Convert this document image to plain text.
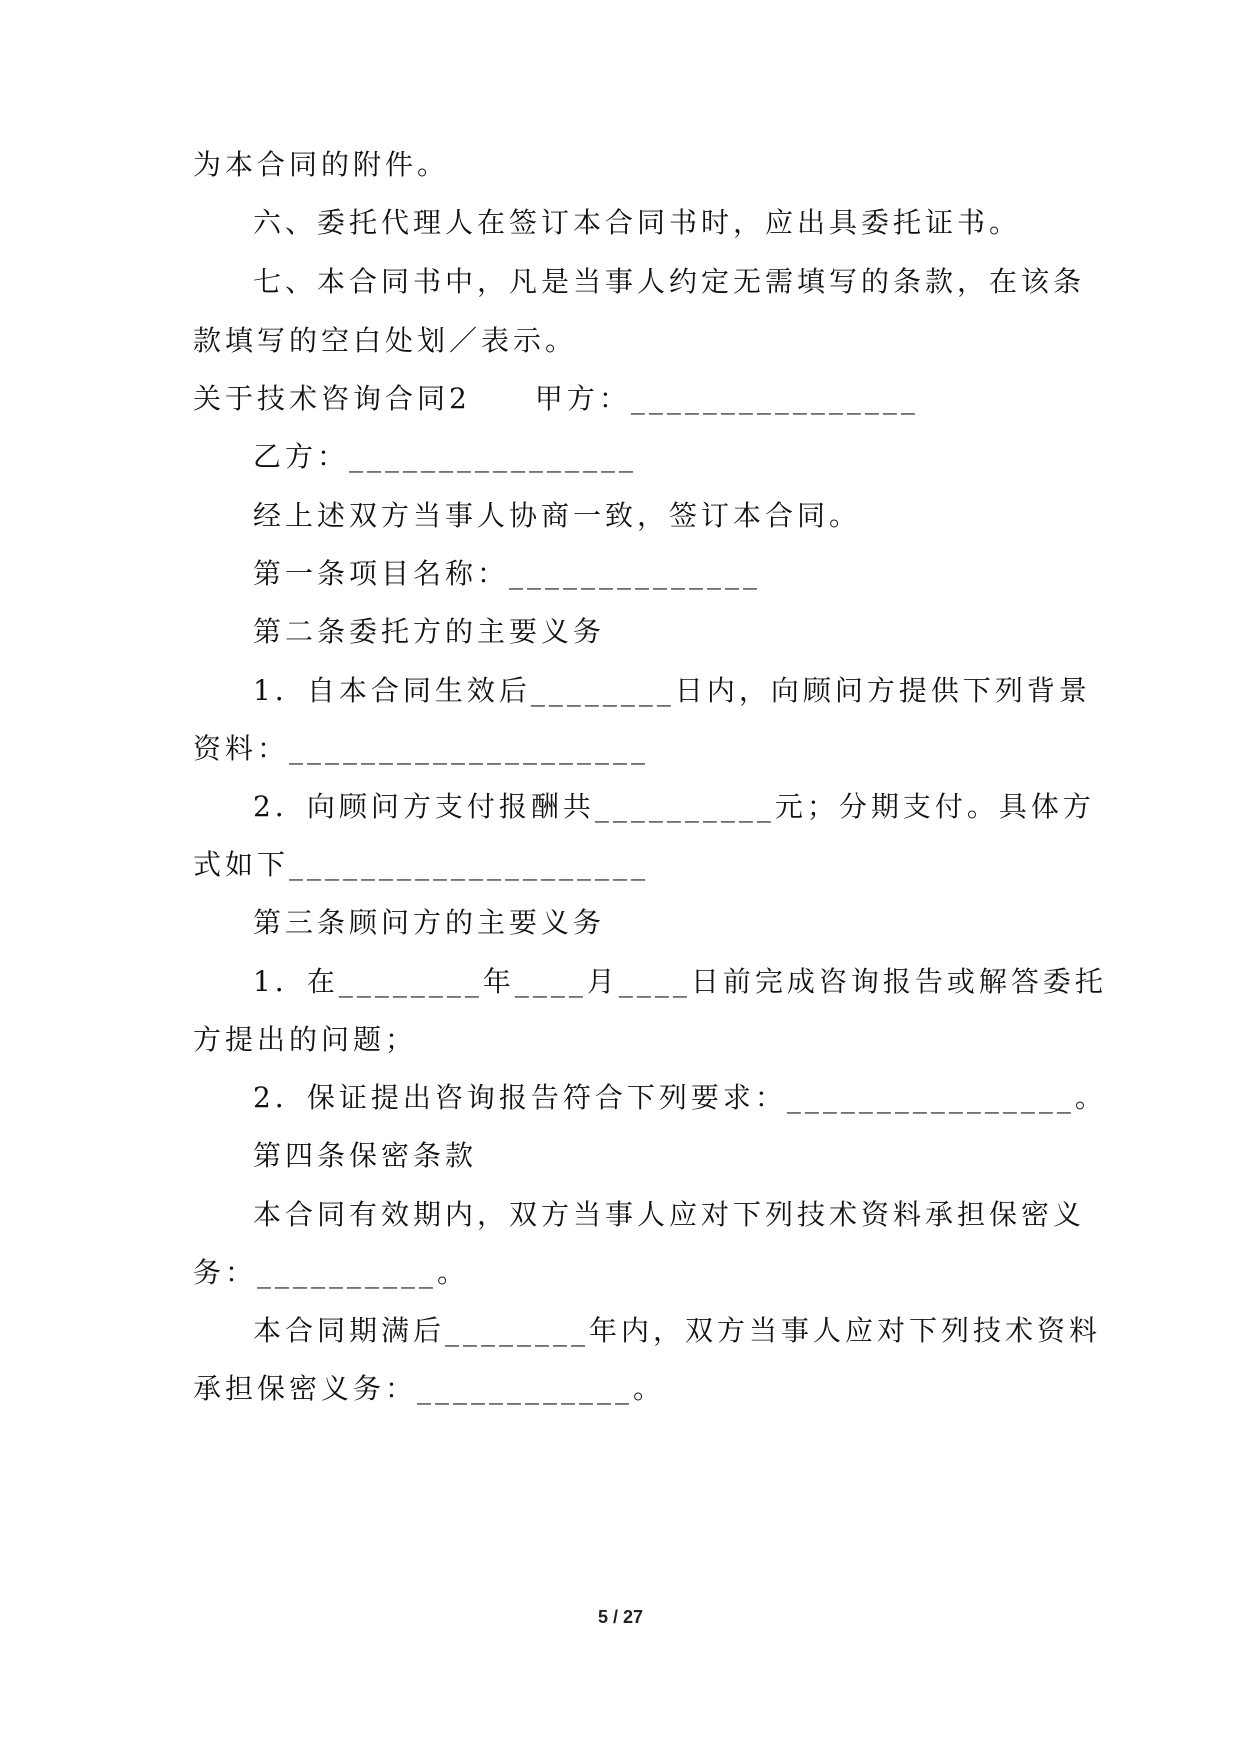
为本合同的附件。
六、委托代理人在签订本合同书时，应出具委托证书。
七、本合同书中，凡是当事人约定无需填写的条款，在该条
款填写的空白处划／表示。
关于技术咨询合同2 甲方：________________
乙方：________________
经上述双方当事人协商一致，签订本合同。
第一条项目名称：______________
第二条委托方的主要义务
1．自本合同生效后________日内，向顾问方提供下列背景
资料：____________________
2．向顾问方支付报酬共__________元；分期支付。具体方
式如下____________________
第三条顾问方的主要义务
1．在________年____月____日前完成咨询报告或解答委托
方提出的问题；
2．保证提出咨询报告符合下列要求：________________。
第四条保密条款
本合同有效期内，双方当事人应对下列技术资料承担保密义
务：__________。
本合同期满后________年内，双方当事人应对下列技术资料
承担保密义务：____________。
5 / 27
